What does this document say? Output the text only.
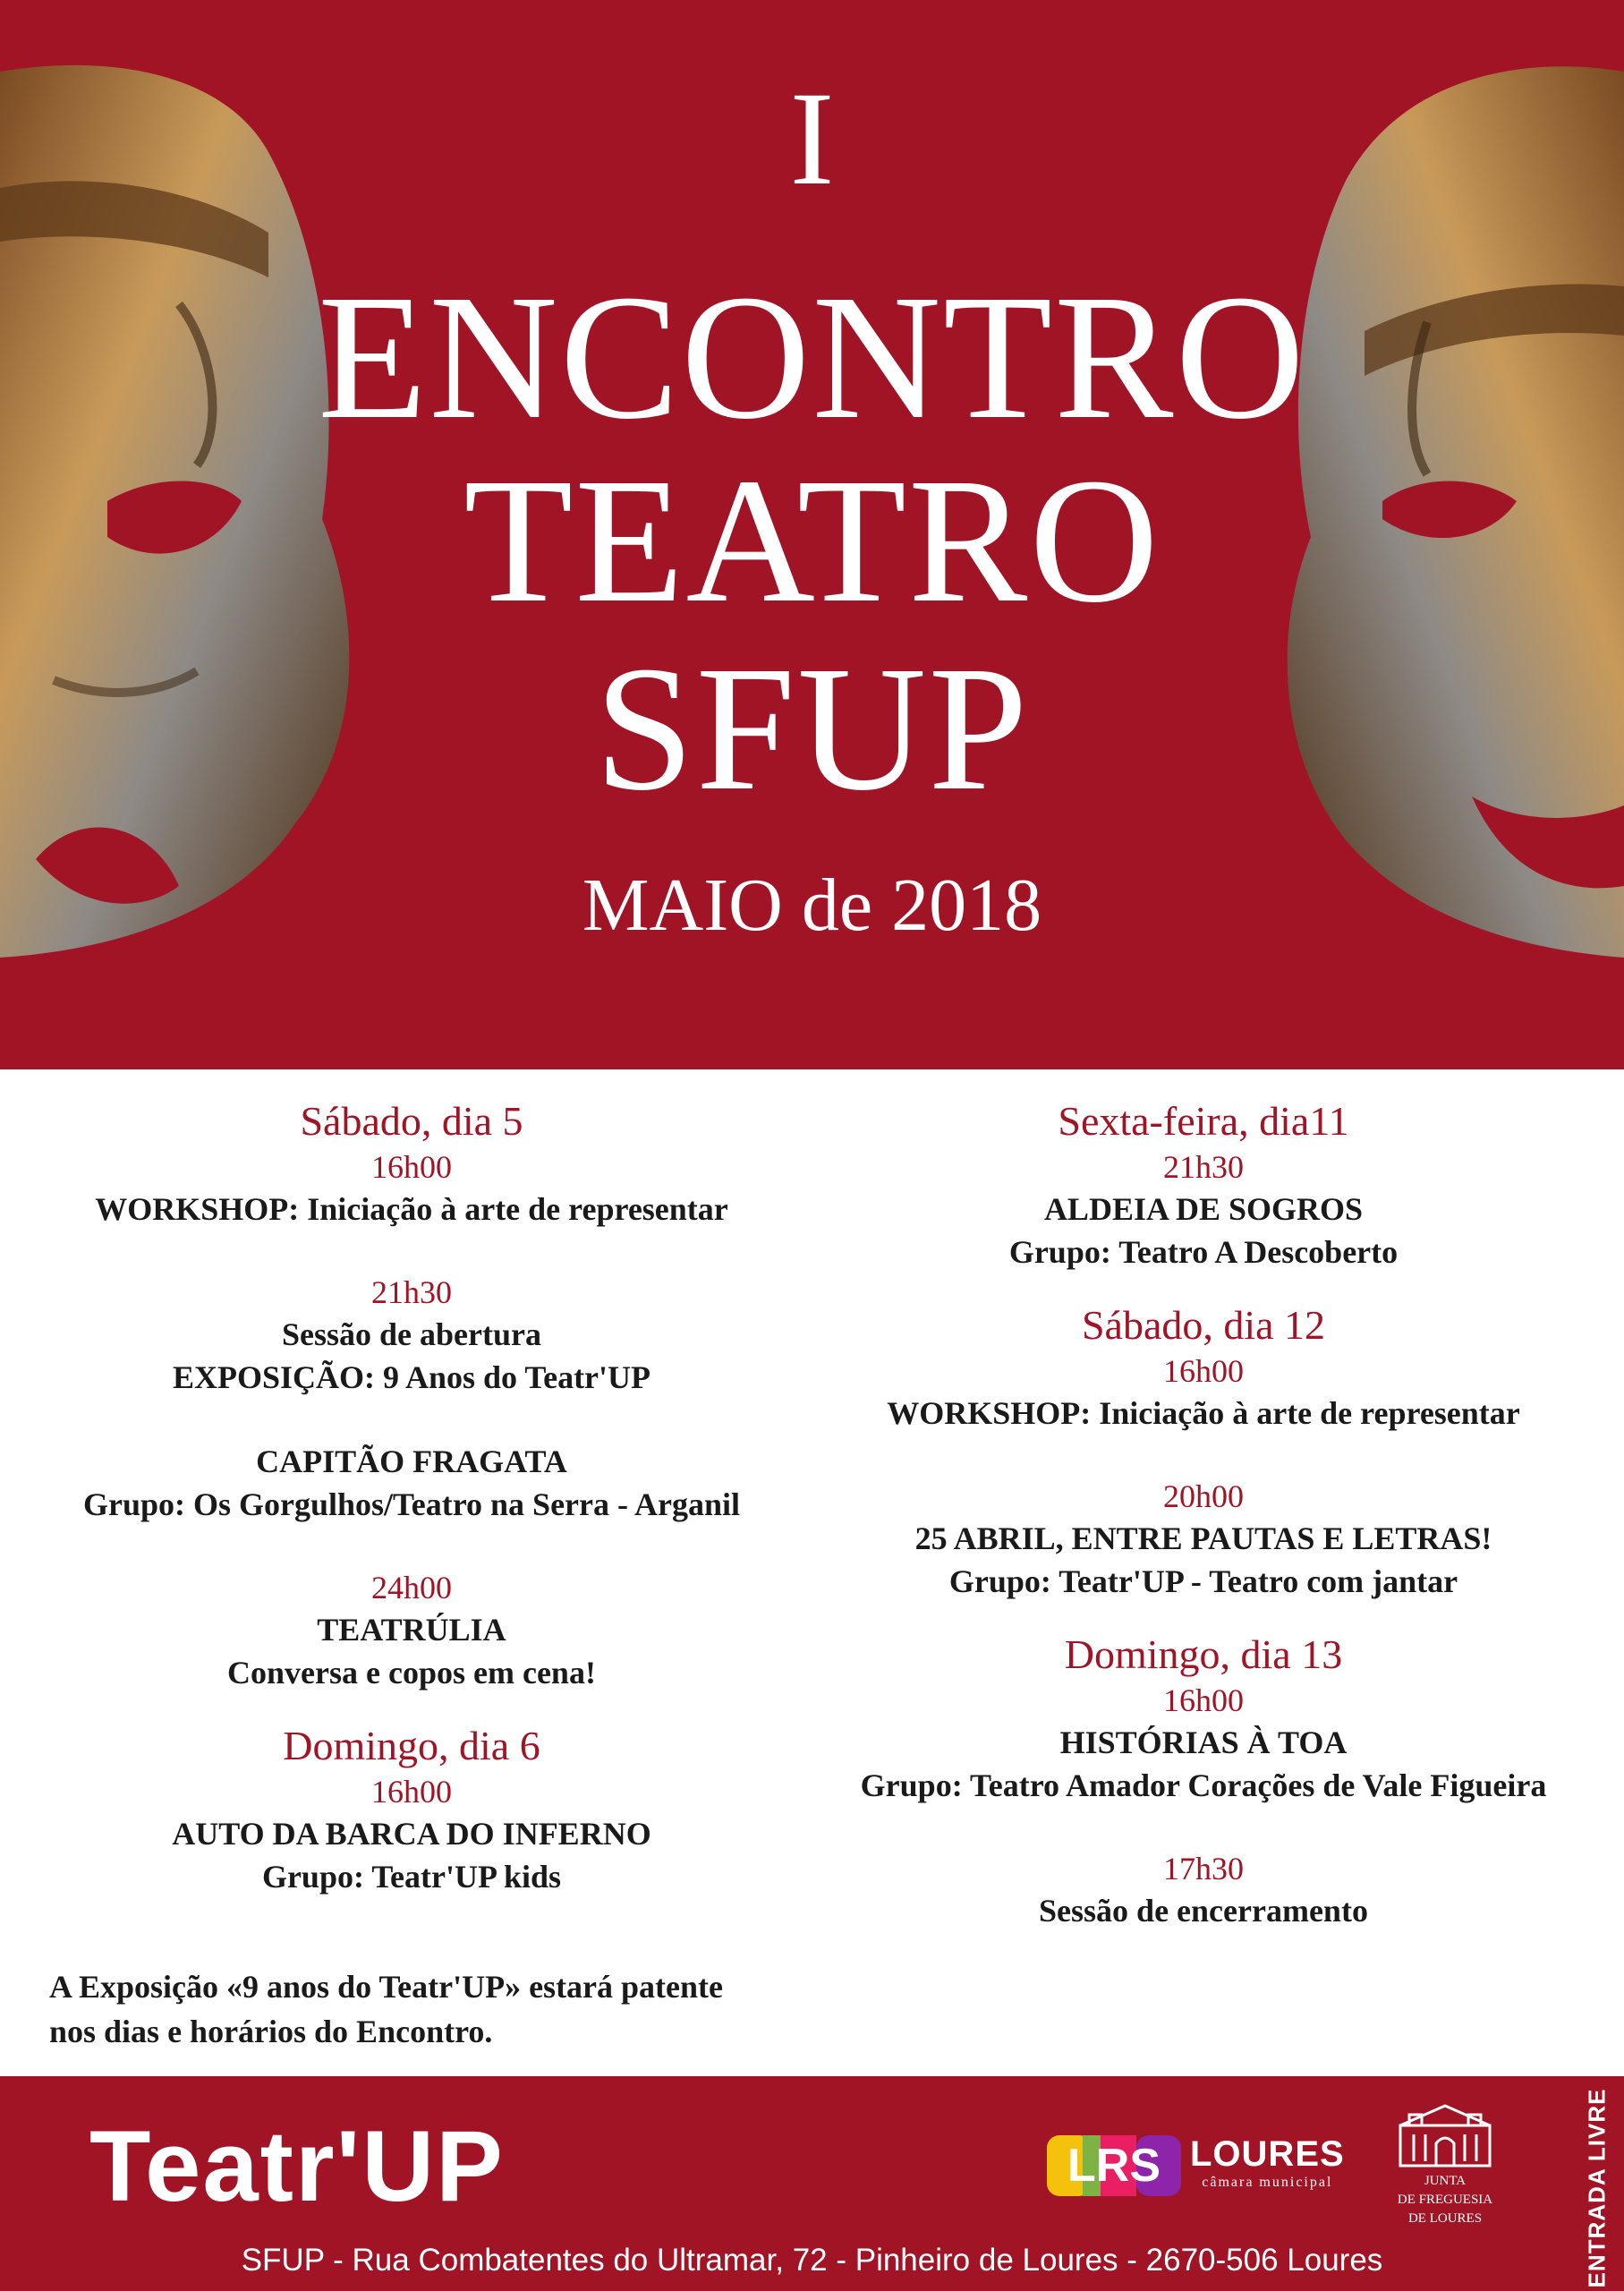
I
ENCONTRO
TEATRO
SFUP
MAIO de 2018
Sábado, dia 5
16h00
WORKSHOP: Iniciação à arte de representar
21h30
Sessão de abertura
EXPOSIÇÃO: 9 Anos do Teatr'UP
CAPITÃO FRAGATA
Grupo: Os Gorgulhos/Teatro na Serra - Arganil
24h00
TEATRÚLIA
Conversa e copos em cena!
Domingo, dia 6
16h00
AUTO DA BARCA DO INFERNO
Grupo: Teatr'UP kids
A Exposição «9 anos do Teatr'UP» estará patente
nos dias e horários do Encontro.
Sexta-feira, dia11
21h30
ALDEIA DE SOGROS
Grupo: Teatro A Descoberto
Sábado, dia 12
16h00
WORKSHOP: Iniciação à arte de representar
20h00
25 ABRIL, ENTRE PAUTAS E LETRAS!
Grupo: Teatr'UP - Teatro com jantar
Domingo, dia 13
16h00
HISTÓRIAS À TOA
Grupo: Teatro Amador Corações de Vale Figueira
17h30
Sessão de encerramento
Teatr'UP	LRS LOURES
câmara municipal	JUNTA
DE FREGUESIA
DE LOURES	ENTRADA LIVRE
SFUP - Rua Combatentes do Ultramar, 72 - Pinheiro de Loures - 2670-506 Loures
